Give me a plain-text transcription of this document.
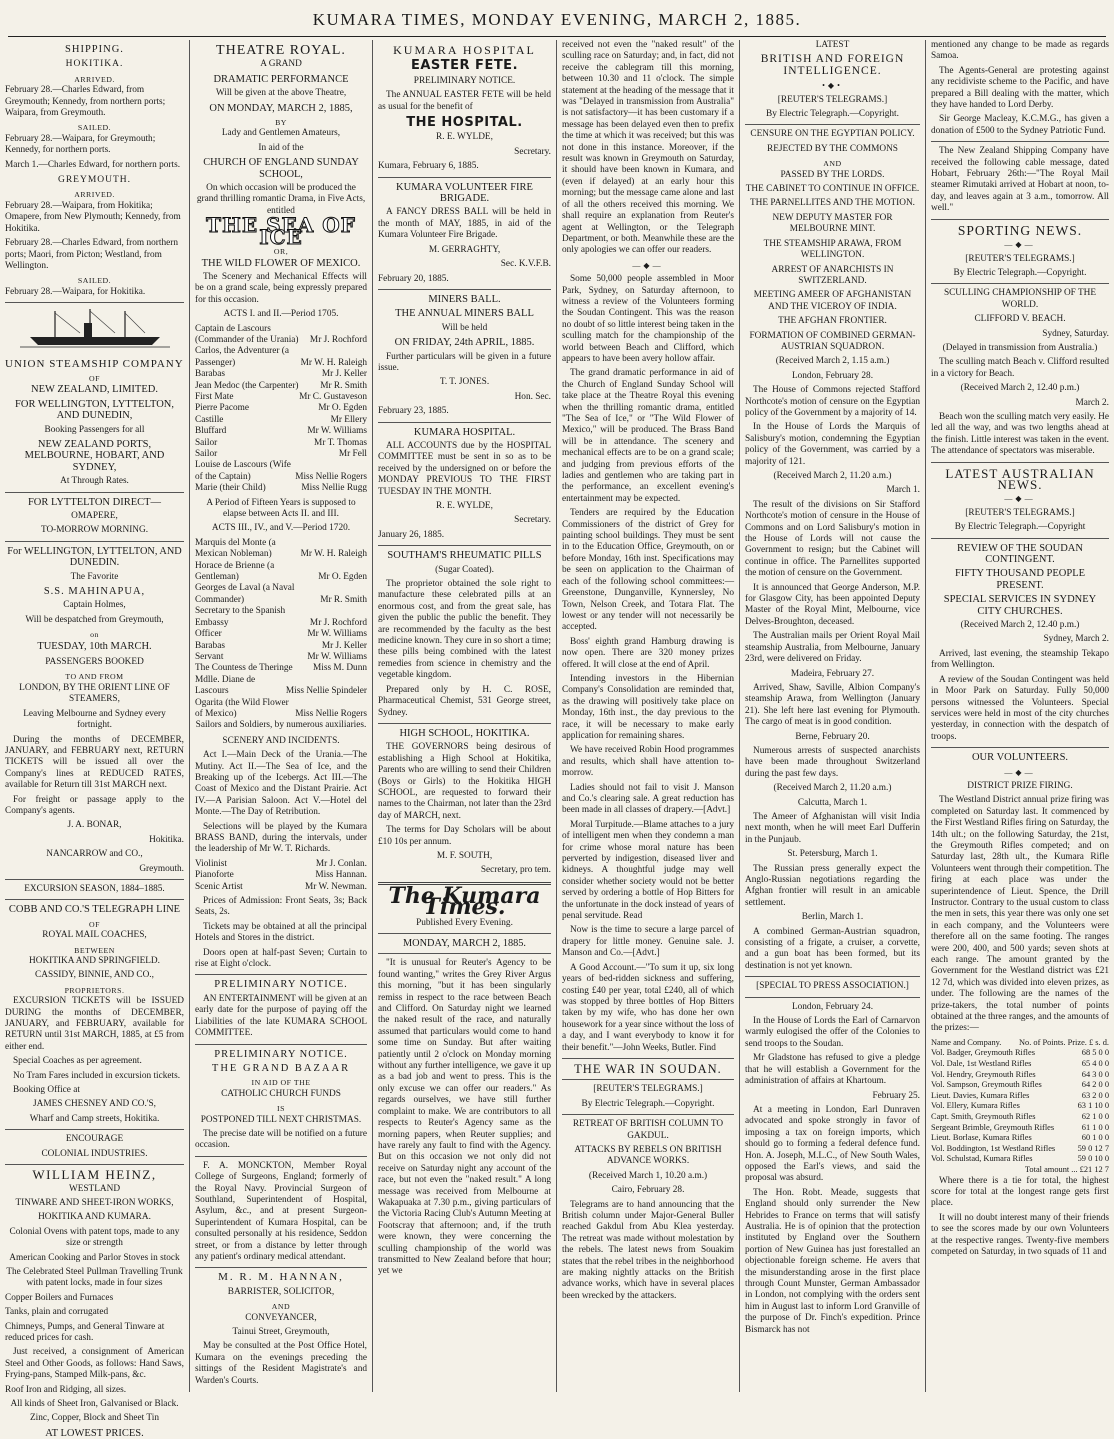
KUMARA TIMES, MONDAY EVENING, MARCH 2, 1885.

SHIPPING.

HOKITIKA.

ARRIVED.

February 28.—Charles Edward, from Greymouth; Kennedy, from northern ports; Waipara, from Greymouth.

SAILED.

February 28.—Waipara, for Greymouth; Kennedy, for northern ports.

March 1.—Charles Edward, for northern ports.

GREYMOUTH.

ARRIVED.

February 28.—Waipara, from Hokitika; Omapere, from New Plymouth; Kennedy, from Hokitika.

February 28.—Charles Edward, from northern ports; Maori, from Picton; Westland, from Wellington.

SAILED.

February 28.—Waipara, for Hokitika.

UNION STEAMSHIP COMPANY

OF

NEW ZEALAND, LIMITED.

FOR WELLINGTON, LYTTELTON, AND DUNEDIN,

Booking Passengers for all

NEW ZEALAND PORTS, MELBOURNE, HOBART, AND SYDNEY,

At Through Rates.

FOR LYTTELTON DIRECT—

OMAPERE,

TO-MORROW MORNING.

For WELLINGTON, LYTTELTON, AND DUNEDIN.

The Favorite

S.S. MAHINAPUA,

Captain Holmes,

Will be despatched from Greymouth,

on

TUESDAY, 10th MARCH.

PASSENGERS BOOKED

TO AND FROM

LONDON, BY THE ORIENT LINE OF STEAMERS,

Leaving Melbourne and Sydney every fortnight.

During the months of DECEMBER, JANUARY, and FEBRUARY next, RETURN TICKETS will be issued all over the Company's lines at REDUCED RATES, available for Return till 31st MARCH next.

For freight or passage apply to the Company's agents.

J. A. BONAR,

Hokitika.

NANCARROW and CO.,

Greymouth.

EXCURSION SEASON, 1884–1885.

COBB AND CO.'S TELEGRAPH LINE

OF

ROYAL MAIL COACHES,

BETWEEN

HOKITIKA AND SPRINGFIELD.

CASSIDY, BINNIE, AND CO.,

PROPRIETORS.

EXCURSION TICKETS will be ISSUED DURING the months of DECEMBER, JANUARY, and FEBRUARY, available for RETURN until 31st MARCH, 1885, at £5 from either end.

Special Coaches as per agreement.

No Tram Fares included in excursion tickets.

Booking Office at

JAMES CHESNEY AND CO.'S,

Wharf and Camp streets, Hokitika.

ENCOURAGE

COLONIAL INDUSTRIES.

WILLIAM HEINZ,

WESTLAND

TINWARE AND SHEET-IRON WORKS,

HOKITIKA AND KUMARA.

Colonial Ovens with patent tops, made to any size or strength

American Cooking and Parlor Stoves in stock

The Celebrated Steel Pullman Travelling Trunk with patent locks, made in four sizes

Copper Boilers and Furnaces

Tanks, plain and corrugated

Chimneys, Pumps, and General Tinware at reduced prices for cash.

Just received, a consignment of American Steel and Other Goods, as follows: Hand Saws, Frying-pans, Stamped Milk-pans, &c.

Roof Iron and Ridging, all sizes.

All kinds of Sheet Iron, Galvanised or Black.

Zinc, Copper, Block and Sheet Tin

AT LOWEST PRICES.

THEATRE ROYAL.

A GRAND

DRAMATIC PERFORMANCE

Will be given at the above Theatre,

ON MONDAY, MARCH 2, 1885,

BY

Lady and Gentlemen Amateurs,

In aid of the

CHURCH OF ENGLAND SUNDAY SCHOOL,

On which occasion will be produced the grand thrilling romantic Drama, in Five Acts, entitled

THE SEA OF ICE

OR,

THE WILD FLOWER OF MEXICO.

The Scenery and Mechanical Effects will be on a grand scale, being expressly prepared for this occasion.

ACTS I. and II.—Period 1705.

Captain de Lascours (Commander of the Urania)	Mr J. Rochford
Carlos, the Adventurer (a Passenger)	Mr W. H. Raleigh
Barabas	Mr J. Keller
Jean Medoc (the Carpenter) Mr R. Smith
First Mate	Mr C. Gustaveson
Pierre Pacome	Mr O. Egden
Castille	Mr Ellery
Bluffard	Mr W. Williams
Sailor	Mr T. Thomas
Sailor	Mr Fell
Louise de Lascours (Wife of the Captain)	Miss Nellie Rogers
Marie (their Child)	Miss Nellie Rugg

A Period of Fifteen Years is supposed to elapse between Acts II. and III.

ACTS III., IV., and V.—Period 1720.

Marquis del Monte (a Mexican Nobleman)	Mr W. H. Raleigh
Horace de Brienne (a Gentleman)	Mr O. Egden
Georges de Laval (a Naval Commander)	Mr R. Smith
Secretary to the Spanish Embassy	Mr J. Rochford
Officer	Mr W. Williams
Barabas	Mr J. Keller
Servant	Mr W. Williams
The Countess de Theringe Miss M. Dunn
Mdlle. Diane de Lascours	Miss Nellie Spindeler
Ogarita (the Wild Flower of Mexico)	Miss Nellie Rogers

Sailors and Soldiers, by numerous auxiliaries.

SCENERY AND INCIDENTS.

Act I.—Main Deck of the Urania.—The Mutiny. Act II.—The Sea of Ice, and the Breaking up of the Icebergs. Act III.—The Coast of Mexico and the Distant Prairie. Act IV.—A Parisian Saloon. Act V.—Hotel del Monte.—The Day of Retribution.

Selections will be played by the Kumara BRASS BAND, during the intervals, under the leadership of Mr W. T. Richards.

Violinist	Mr J. Conlan.
Pianoforte	Miss Hannan.
Scenic Artist	Mr W. Newman.

Prices of Admission: Front Seats, 3s; Back Seats, 2s.

Tickets may be obtained at all the principal Hotels and Stores in the district.

Doors open at half-past Seven; Curtain to rise at Eight o'clock.

PRELIMINARY NOTICE.

AN ENTERTAINMENT will be given at an early date for the purpose of paying off the Liabilities of the late KUMARA SCHOOL COMMITTEE.

PRELIMINARY NOTICE.

THE GRAND BAZAAR

IN AID OF THE

CATHOLIC CHURCH FUNDS

IS

POSTPONED TILL NEXT CHRISTMAS.

The precise date will be notified on a future occasion.

F. A. MONCKTON, Member Royal College of Surgeons, England; formerly of the Royal Navy. Provincial Surgeon of Southland, Superintendent of Hospital, Asylum, &c., and at present Surgeon-Superintendent of Kumara Hospital, can be consulted personally at his residence, Seddon street, or from a distance by letter through any patient's ordinary medical attendant.

M. R. M. HANNAN,

BARRISTER, SOLICITOR,

AND

CONVEYANCER,

Tainui Street, Greymouth,

May be consulted at the Post Office Hotel, Kumara on the evenings preceding the sittings of the Resident Magistrate's and Warden's Courts.

KUMARA HOSPITAL

EASTER FETE.

PRELIMINARY NOTICE.

The ANNUAL EASTER FETE will be held as usual for the benefit of

THE HOSPITAL.

R. E. WYLDE,

Secretary.

Kumara, February 6, 1885.

KUMARA VOLUNTEER FIRE BRIGADE.

A FANCY DRESS BALL will be held in the month of MAY, 1885, in aid of the Kumara Volunteer Fire Brigade.

M. GERRAGHTY,

Sec. K.V.F.B.

February 20, 1885.

MINERS BALL.

THE ANNUAL MINERS BALL

Will be held

ON FRIDAY, 24th APRIL, 1885.

Further particulars will be given in a future issue.

T. T. JONES.

Hon. Sec.

February 23, 1885.

KUMARA HOSPITAL.

ALL ACCOUNTS due by the HOSPITAL COMMITTEE must be sent in so as to be received by the undersigned on or before the MONDAY PREVIOUS TO THE FIRST TUESDAY IN THE MONTH.

R. E. WYLDE,

Secretary.

January 26, 1885.

SOUTHAM'S RHEUMATIC PILLS

(Sugar Coated).

The proprietor obtained the sole right to manufacture these celebrated pills at an enormous cost, and from the great sale, has given the public the public the benefit. They are recommended by the faculty as the best medicine known. They cure in so short a time; these pills being combined with the latest remedies from science in chemistry and the vegetable kingdom.

Prepared only by H. C. ROSE, Pharmaceutical Chemist, 531 George street, Sydney.

HIGH SCHOOL, HOKITIKA.

THE GOVERNORS being desirous of establishing a High School at Hokitika, Parents who are willing to send their Children (Boys or Girls) to the Hokitika HIGH SCHOOL, are requested to forward their names to the Chairman, not later than the 23rd day of MARCH, next.

The terms for Day Scholars will be about £10 10s per annum.

M. F. SOUTH,

Secretary, pro tem.

The Kumara Times.

Published Every Evening.

MONDAY, MARCH 2, 1885.

"It is unusual for Reuter's Agency to be found wanting," writes the Grey River Argus this morning, "but it has been singularly remiss in respect to the race between Beach and Clifford. On Saturday night we learned the naked result of the race, and naturally assumed that particulars would come to hand some time on Sunday. But after waiting patiently until 2 o'clock on Monday morning without any further intelligence, we gave it up as a bad job and went to press. This is the only excuse we can offer our readers." As regards ourselves, we have still further complaint to make. We are contributors to all respects to Reuter's Agency same as the morning papers, when Reuter supplies; and have rarely any fault to find with the Agency. But on this occasion we not only did not receive on Saturday night any account of the race, but not even the "naked result." A long message was received from Melbourne at Wakapuaka at 7.30 p.m., giving particulars of the Victoria Racing Club's Autumn Meeting at Footscray that afternoon; and, if the truth were known, they were concerning the sculling championship of the world was transmitted to New Zealand before that hour; yet we

received not even the "naked result" of the sculling race on Saturday; and, in fact, did not receive the cablegram till this morning, between 10.30 and 11 o'clock. The simple statement at the heading of the message that it was "Delayed in transmission from Australia" is not satisfactory—it has been customary if a message has been delayed even then to prefix the time at which it was received; but this was not done in this instance. Moreover, if the result was known in Greymouth on Saturday, it should have been known in Kumara, and (even if delayed) at an early hour this morning; but the message came alone and last of all the others received this morning. We shall require an explanation from Reuter's agent at Wellington, or the Telegraph Department, or both. Meanwhile these are the only apologies we can offer our readers.

—◆—

Some 50,000 people assembled in Moor Park, Sydney, on Saturday afternoon, to witness a review of the Volunteers forming the Soudan Contingent. This was the reason no doubt of so little interest being taken in the sculling match for the championship of the world between Beach and Clifford, which appears to have been avery hollow affair.

The grand dramatic performance in aid of the Church of England Sunday School will take place at the Theatre Royal this evening when the thrilling romantic drama, entitled "The Sea of Ice," or "The Wild Flower of Mexico," will be produced. The Brass Band will be in attendance. The scenery and mechanical effects are to be on a grand scale; and judging from previous efforts of the ladies and gentlemen who are taking part in the performance, an excellent evening's entertainment may be expected.

Tenders are required by the Education Commissioners of the district of Grey for painting school buildings. They must be sent in to the Education Office, Greymouth, on or before Monday, 16th inst. Specifications may be seen on application to the Chairman of each of the following school committees:—Greenstone, Dunganville, Kynnersley, No Town, Nelson Creek, and Totara Flat. The lowest or any tender will not necessarily be accepted.

Boss' eighth grand Hamburg drawing is now open. There are 320 money prizes offered. It will close at the end of April.

Intending investors in the Hibernian Company's Consolidation are reminded that, as the drawing will positively take place on Monday, 16th inst., the day previous to the race, it will be necessary to make early application for remaining shares.

We have received Robin Hood programmes and results, which shall have attention to-morrow.

Ladies should not fail to visit J. Manson and Co.'s clearing sale. A great reduction has been made in all classes of drapery.—[Advt.]

Moral Turpitude.—Blame attaches to a jury of intelligent men when they condemn a man for crime whose moral nature has been perverted by indigestion, diseased liver and kidneys. A thoughtful judge may well consider whether society would not be better served by ordering a bottle of Hop Bitters for the unfortunate in the dock instead of years of penal servitude. Read

Now is the time to secure a large parcel of drapery for little money. Genuine sale. J. Manson and Co.—[Advt.]

A Good Account.—"To sum it up, six long years of bed-ridden sickness and suffering, costing £40 per year, total £240, all of which was stopped by three bottles of Hop Bitters taken by my wife, who has done her own housework for a year since without the loss of a day, and I want everybody to know it for their benefit."—John Weeks, Butler. Find

THE WAR IN SOUDAN.

[REUTER'S TELEGRAMS.]

By Electric Telegraph.—Copyright.

RETREAT OF BRITISH COLUMN TO GAKDUL.

ATTACKS BY REBELS ON BRITISH ADVANCE WORKS.

(Received March 1, 10.20 a.m.)

Cairo, February 28.

Telegrams are to hand announcing that the British column under Major-General Buller reached Gakdul from Abu Klea yesterday. The retreat was made without molestation by the rebels. The latest news from Souakim states that the rebel tribes in the neighborhood are making nightly attacks on the British advance works, which have in several places been wrecked by the attackers.

LATEST

BRITISH AND FOREIGN INTELLIGENCE.

•◆•

[REUTER'S TELEGRAMS.]

By Electric Telegraph.—Copyright.

CENSURE ON THE EGYPTIAN POLICY.

REJECTED BY THE COMMONS

AND

PASSED BY THE LORDS.

THE CABINET TO CONTINUE IN OFFICE.

THE PARNELLITES AND THE MOTION.

NEW DEPUTY MASTER FOR MELBOURNE MINT.

THE STEAMSHIP ARAWA, FROM WELLINGTON.

ARREST OF ANARCHISTS IN SWITZERLAND.

MEETING AMEER OF AFGHANISTAN AND THE VICEROY OF INDIA.

THE AFGHAN FRONTIER.

FORMATION OF COMBINED GERMAN-AUSTRIAN SQUADRON.

(Received March 2, 1.15 a.m.)

London, February 28.

The House of Commons rejected Stafford Northcote's motion of censure on the Egyptian policy of the Government by a majority of 14.

In the House of Lords the Marquis of Salisbury's motion, condemning the Egyptian policy of the Government, was carried by a majority of 121.

(Received March 2, 11.20 a.m.)

March 1.

The result of the divisions on Sir Stafford Northcote's motion of censure in the House of Commons and on Lord Salisbury's motion in the House of Lords will not cause the Government to resign; but the Cabinet will continue in office. The Parnellites supported the motion of censure on the Government.

It is announced that George Anderson, M.P. for Glasgow City, has been appointed Deputy Master of the Royal Mint, Melbourne, vice Delves-Broughton, deceased.

The Australian mails per Orient Royal Mail steamship Australia, from Melbourne, January 23rd, were delivered on Friday.

Madeira, February 27.

Arrived, Shaw, Saville, Albion Company's steamship Arawa, from Wellington (January 21). She left here last evening for Plymouth. The cargo of meat is in good condition.

Berne, February 20.

Numerous arrests of suspected anarchists have been made throughout Switzerland during the past few days.

(Received March 2, 11.20 a.m.)

Calcutta, March 1.

The Ameer of Afghanistan will visit India next month, when he will meet Earl Dufferin in the Punjaub.

St. Petersburg, March 1.

The Russian press generally expect the Anglo-Russian negotiations regarding the Afghan frontier will result in an amicable settlement.

Berlin, March 1.

A combined German-Austrian squadron, consisting of a frigate, a cruiser, a corvette, and a gun boat has been formed, but its destination is not yet known.

[SPECIAL TO PRESS ASSOCIATION.]

London, February 24.

In the House of Lords the Earl of Carnarvon warmly eulogised the offer of the Colonies to send troops to the Soudan.

Mr Gladstone has refused to give a pledge that he will establish a Government for the administration of affairs at Khartoum.

February 25.

At a meeting in London, Earl Dunraven advocated and spoke strongly in favor of imposing a tax on foreign imports, which should go to forming a federal defence fund. Hon. A. Joseph, M.L.C., of New South Wales, opposed the Earl's views, and said the proposal was absurd.

The Hon. Robt. Meade, suggests that England should only surrender the New Hebrides to France on terms that will satisfy Australia. He is of opinion that the protection instituted by England over the Southern portion of New Guinea has just forestalled an objectionable foreign scheme. He avers that the misunderstanding arose in the first place through Count Munster, German Ambassador in London, not complying with the orders sent him in August last to inform Lord Granville of the purpose of Dr. Finch's expedition. Prince Bismarck has not

mentioned any change to be made as regards Samoa.

The Agents-General are protesting against any recidiviste scheme to the Pacific, and have prepared a Bill dealing with the matter, which they have handed to Lord Derby.

Sir George Macleay, K.C.M.G., has given a donation of £500 to the Sydney Patriotic Fund.

The New Zealand Shipping Company have received the following cable message, dated Hobart, February 26th:—"The Royal Mail steamer Rimutaki arrived at Hobart at noon, to-day, and leaves again at 3 a.m., tomorrow. All well."

SPORTING NEWS.

—◆—

[REUTER'S TELEGRAMS.]

By Electric Telegraph.—Copyright.

SCULLING CHAMPIONSHIP OF THE WORLD.

CLIFFORD V. BEACH.

Sydney, Saturday.

(Delayed in transmission from Australia.)

The sculling match Beach v. Clifford resulted in a victory for Beach.

(Received March 2, 12.40 p.m.)

March 2.

Beach won the sculling match very easily. He led all the way, and was two lengths ahead at the finish. Little interest was taken in the event. The attendance of spectators was miserable.

LATEST AUSTRALIAN NEWS.

—◆—

[REUTER'S TELEGRAMS.]

By Electric Telegraph.—Copyright

REVIEW OF THE SOUDAN CONTINGENT.

FIFTY THOUSAND PEOPLE PRESENT.

SPECIAL SERVICES IN SYDNEY CITY CHURCHES.

(Received March 2, 12.40 p.m.)

Sydney, March 2.

Arrived, last evening, the steamship Tekapo from Wellington.

A review of the Soudan Contingent was held in Moor Park on Saturday. Fully 50,000 persons witnessed the Volunteers. Special services were held in most of the city churches yesterday, in connection with the despatch of troops.

OUR VOLUNTEERS.

—◆—

DISTRICT PRIZE FIRING.

The Westland District annual prize firing was completed on Saturday last. It commenced by the First Westland Rifles firing on Saturday, the 14th ult.; on the following Saturday, the 21st, the Greymouth Rifles competed; and on Saturday last, 28th ult., the Kumara Rifle Volunteers went through their competition. The firing at each place was under the superintendence of Lieut. Spence, the Drill Instructor. Contrary to the usual custom to class the men in sets, this year there was only one set in each company, and the Volunteers were therefore all on the same footing. The ranges were 200, 400, and 500 yards; seven shots at each range. The amount granted by the Government for the Westland district was £21 12 7d, which was divided into eleven prizes, as under. The following are the names of the prize-takers, the total number of points obtained at the three ranges, and the amounts of the prizes:—

Name and Company. No. of Points. Prize. £ s. d.
Vol. Badger, Greymouth Rifles	68 5 0 0
Vol. Dale, 1st Westland Rifles	65 4 0 0
Vol. Hendry, Greymouth Rifles	64 3 0 0
Vol. Sampson, Greymouth Rifles	64 2 0 0
Lieut. Davies, Kumara Rifles	63 2 0 0
Vol. Ellery, Kumara Rifles	63 1 10 0
Capt. Smith, Greymouth Rifles	62 1 0 0
Sergeant Brimble, Greymouth Rifles	61 1 0 0
Lieut. Borlase, Kumara Rifles	60 1 0 0
Vol. Boddington, 1st Westland Rifles	59 0 12 7
Vol. Schulstad, Kumara Rifles	59 0 10 0
Total amount ... £21 12 7

Where there is a tie for total, the highest score for total at the longest range gets first place.

It will no doubt interest many of their friends to see the scores made by our own Volunteers at the respective ranges. Twenty-five members competed on Saturday, in two squads of 11 and
